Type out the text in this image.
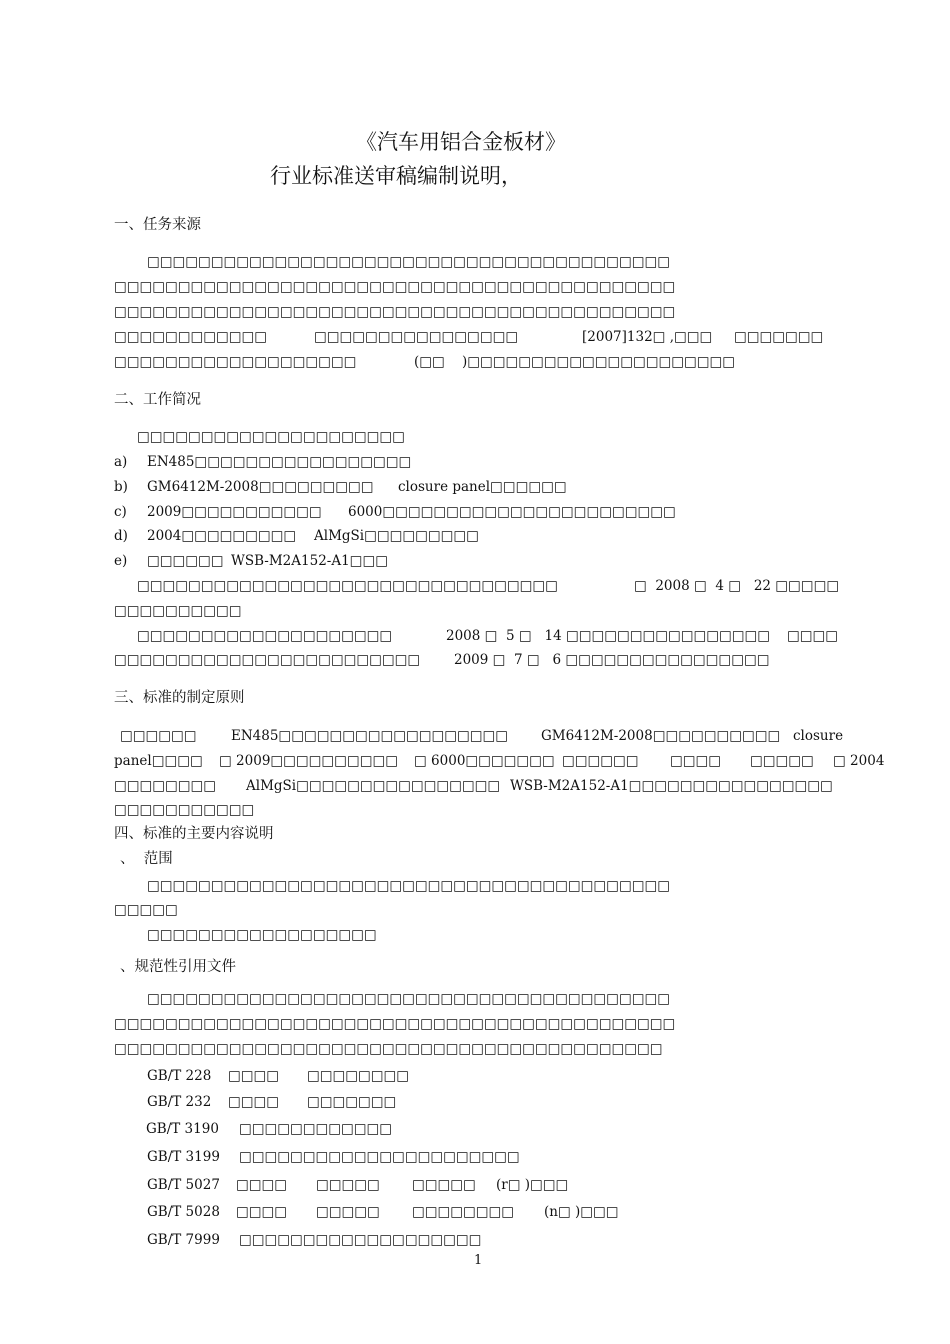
《汽车用铝合金板材》
行业标准送审稿编制说明，
一、任务来源
□□□□□□□□□□□□□□□□□□□□□□□□□□□□□□□□□□□□□□□□□
□□□□□□□□□□□□□□□□□□□□□□□□□□□□□□□□□□□□□□□□□□□□
□□□□□□□□□□□□□□□□□□□□□□□□□□□□□□□□□□□□□□□□□□□□
□□□□□□□□□□□□	□□□□□□□□□□□□□□□□	[2007]132□ ,□□□ □□□□□□□
□□□□□□□□□□□□□□□□□□□	(□□    )□□□□□□□□□□□□□□□□□□□□□
二、工作简况
□□□□□□□□□□□□□□□□□□□□□
a) EN485□□□□□□□□□□□□□□□□□
b) GM6412M-2008□□□□□□□□□ closure panel□□□□□□
c) 2009□□□□□□□□□□□ 6000□□□□□□□□□□□□□□□□□□□□□□□
d) 2004□□□□□□□□□ AlMgSi□□□□□□□□□
e) □□□□□□ WSB-M2A152-A1□□□
□□□□□□□□□□□□□□□□□□□□□□□□□□□□□□□□□	□  2008 □  4 □   22 □□□□□
□□□□□□□□□□
□□□□□□□□□□□□□□□□□□□□	2008 □  5 □   14 □□□□□□□□□□□□□□□□ □□□□
□□□□□□□□□□□□□□□□□□□□□□□□	2009 □  7 □   6 □□□□□□□□□□□□□□□□
三、标准的制定原则
□□□□□□	EN485□□□□□□□□□□□□□□□□□□ GM6412M-2008□□□□□□□□□□ closure
panel□□□□ □ 2009□□□□□□□□□□ □ 6000□□□□□□□ □□□□□□ □□□□ □□□□□ □ 2004
□□□□□□□□ AlMgSi□□□□□□□□□□□□□□□□ WSB-M2A152-A1□□□□□□□□□□□□□□□□
□□□□□□□□□□□
四、标准的主要内容说明
、  范围
□□□□□□□□□□□□□□□□□□□□□□□□□□□□□□□□□□□□□□□□□
□□□□□
□□□□□□□□□□□□□□□□□□
、规范性引用文件
□□□□□□□□□□□□□□□□□□□□□□□□□□□□□□□□□□□□□□□□□
□□□□□□□□□□□□□□□□□□□□□□□□□□□□□□□□□□□□□□□□□□□□
□□□□□□□□□□□□□□□□□□□□□□□□□□□□□□□□□□□□□□□□□□□
GB/T 228 □□□□ □□□□□□□□
GB/T 232 □□□□ □□□□□□□
GB/T 3190 □□□□□□□□□□□□
GB/T 3199 □□□□□□□□□□□□□□□□□□□□□□
GB/T 5027 □□□□ □□□□□ □□□□□ (r□ )□□□
GB/T 5028 □□□□ □□□□□ □□□□□□□□ (n□ )□□□
GB/T 7999 □□□□□□□□□□□□□□□□□□□
1
